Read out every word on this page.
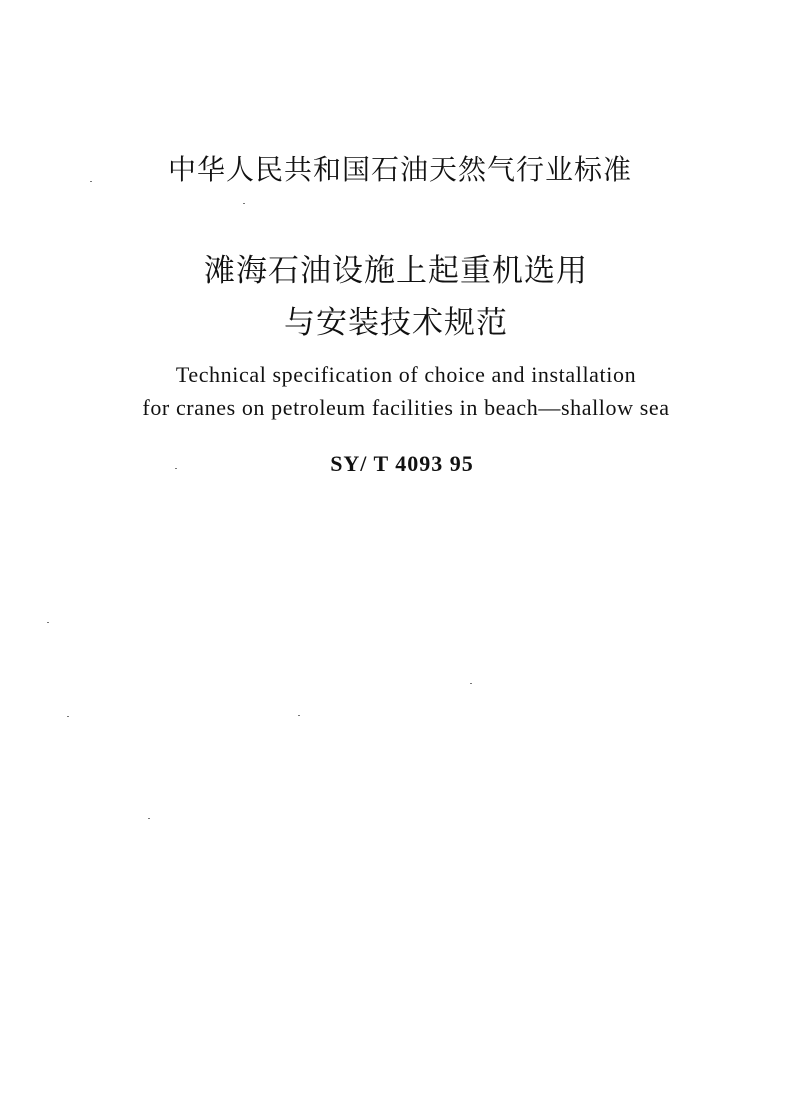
中华人民共和国石油天然气行业标准
滩海石油设施上起重机选用
与安装技术规范
Technical specification of choice and installation
for cranes on petroleum facilities in beach—shallow sea
SY/ T 4093 95
